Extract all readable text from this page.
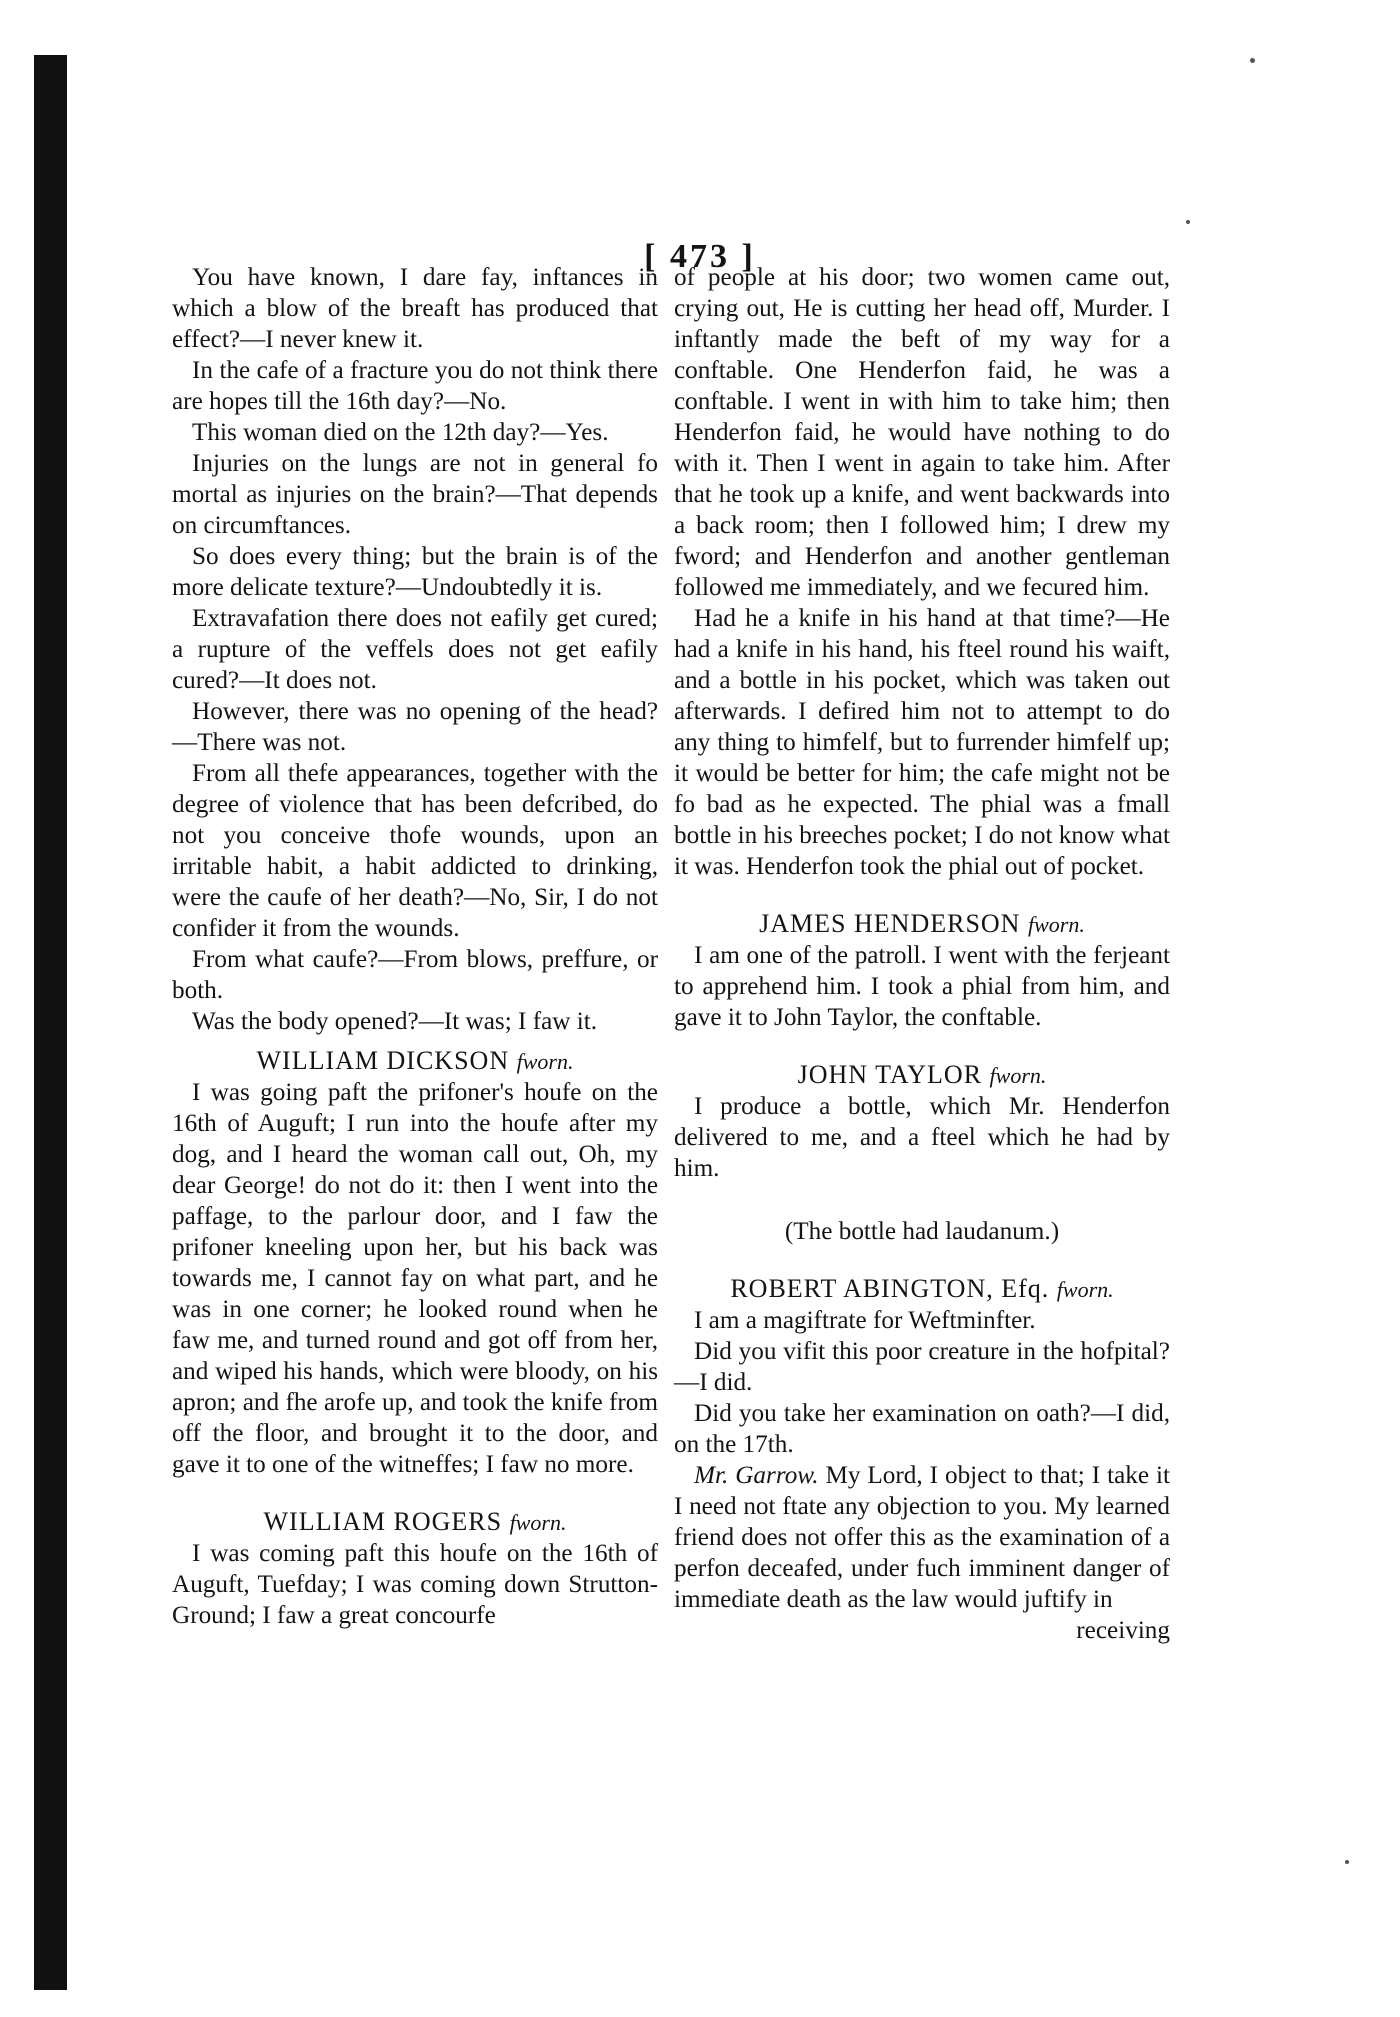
[ 473 ]

You have known, I dare fay, inftances in which a blow of the breaft has produced that effect?—I never knew it.

In the cafe of a fracture you do not think there are hopes till the 16th day?—No.

This woman died on the 12th day?—Yes.

Injuries on the lungs are not in general fo mortal as injuries on the brain?—That depends on circumftances.

So does every thing; but the brain is of the more delicate texture?—Undoubtedly it is.

Extravafation there does not eafily get cured; a rupture of the veffels does not get eafily cured?—It does not.

However, there was no opening of the head?—There was not.

From all thefe appearances, together with the degree of violence that has been defcribed, do not you conceive thofe wounds, upon an irritable habit, a habit addicted to drinking, were the caufe of her death?—No, Sir, I do not confider it from the wounds.

From what caufe?—From blows, preffure, or both.

Was the body opened?—It was; I faw it.

WILLIAM DICKSON fworn.

I was going paft the prifoner's houfe on the 16th of Auguft; I run into the houfe after my dog, and I heard the woman call out, Oh, my dear George! do not do it: then I went into the paffage, to the parlour door, and I faw the prifoner kneeling upon her, but his back was towards me, I cannot fay on what part, and he was in one corner; he looked round when he faw me, and turned round and got off from her, and wiped his hands, which were bloody, on his apron; and fhe arofe up, and took the knife from off the floor, and brought it to the door, and gave it to one of the witneffes; I faw no more.

WILLIAM ROGERS fworn.

I was coming paft this houfe on the 16th of Auguft, Tuefday; I was coming down Strutton-Ground; I faw a great concourfe

of people at his door; two women came out, crying out, He is cutting her head off, Murder. I inftantly made the beft of my way for a conftable. One Henderfon faid, he was a conftable. I went in with him to take him; then Henderfon faid, he would have nothing to do with it. Then I went in again to take him. After that he took up a knife, and went backwards into a back room; then I followed him; I drew my fword; and Henderfon and another gentleman followed me immediately, and we fecured him.

Had he a knife in his hand at that time?—He had a knife in his hand, his fteel round his waift, and a bottle in his pocket, which was taken out afterwards. I defired him not to attempt to do any thing to himfelf, but to furrender himfelf up; it would be better for him; the cafe might not be fo bad as he expected. The phial was a fmall bottle in his breeches pocket; I do not know what it was. Henderfon took the phial out of pocket.

JAMES HENDERSON fworn.

I am one of the patroll. I went with the ferjeant to apprehend him. I took a phial from him, and gave it to John Taylor, the conftable.

JOHN TAYLOR fworn.

I produce a bottle, which Mr. Henderfon delivered to me, and a fteel which he had by him.

(The bottle had laudanum.)

ROBERT ABINGTON, Efq. fworn.

I am a magiftrate for Weftminfter.

Did you vifit this poor creature in the hofpital?—I did.

Did you take her examination on oath?—I did, on the 17th.

Mr. Garrow. My Lord, I object to that; I take it I need not ftate any objection to you. My learned friend does not offer this as the examination of a perfon deceafed, under fuch imminent danger of immediate death as the law would juftify in

receiving
